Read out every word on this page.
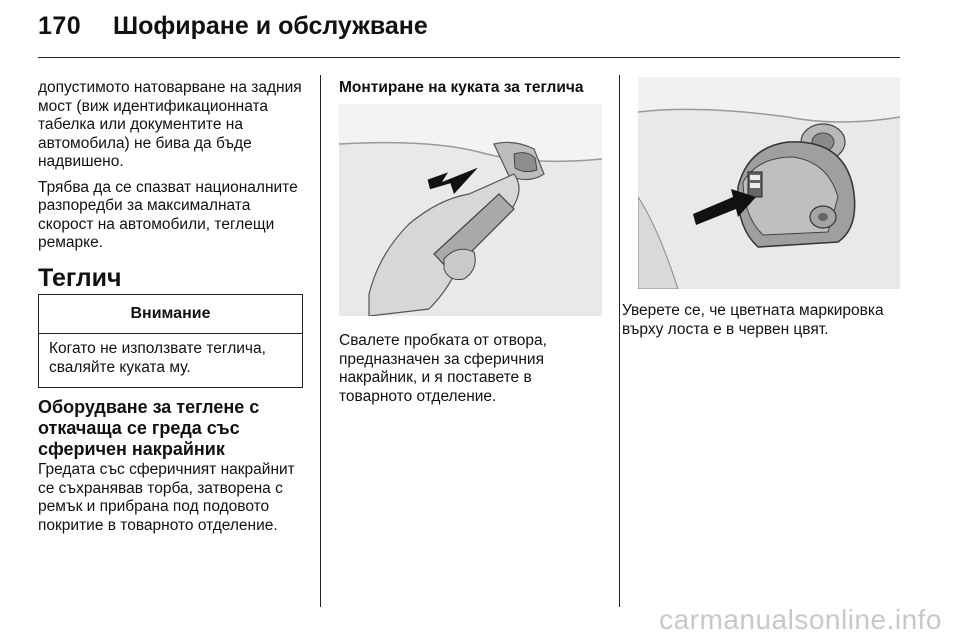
170 Шофиране и обслужване

допустимото натоварване на задния мост (виж идентификационната табелка или документите на автомобила) не бива да бъде надвишено.

Трябва да се спазват националните разпоредби за максималната скорост на автомобили, теглещи ремарке.

Теглич
Внимание

Когато не използвате теглича, сваляйте куката му.

Оборудване за теглене с откачаща се греда със сферичен накрайник

Гредата със сферичният накрайнит се съхранявав торба, затворена с ремък и прибрана под подовото покритие в товарното отделение.

Монтиране на куката за теглича

Свалете пробката от отвора, предназначен за сферичния накрайник, и я поставете в товарното отделение.

Уверете се, че цветната маркировка върху лоста е в червен цвят.

carmanualsonline.info
